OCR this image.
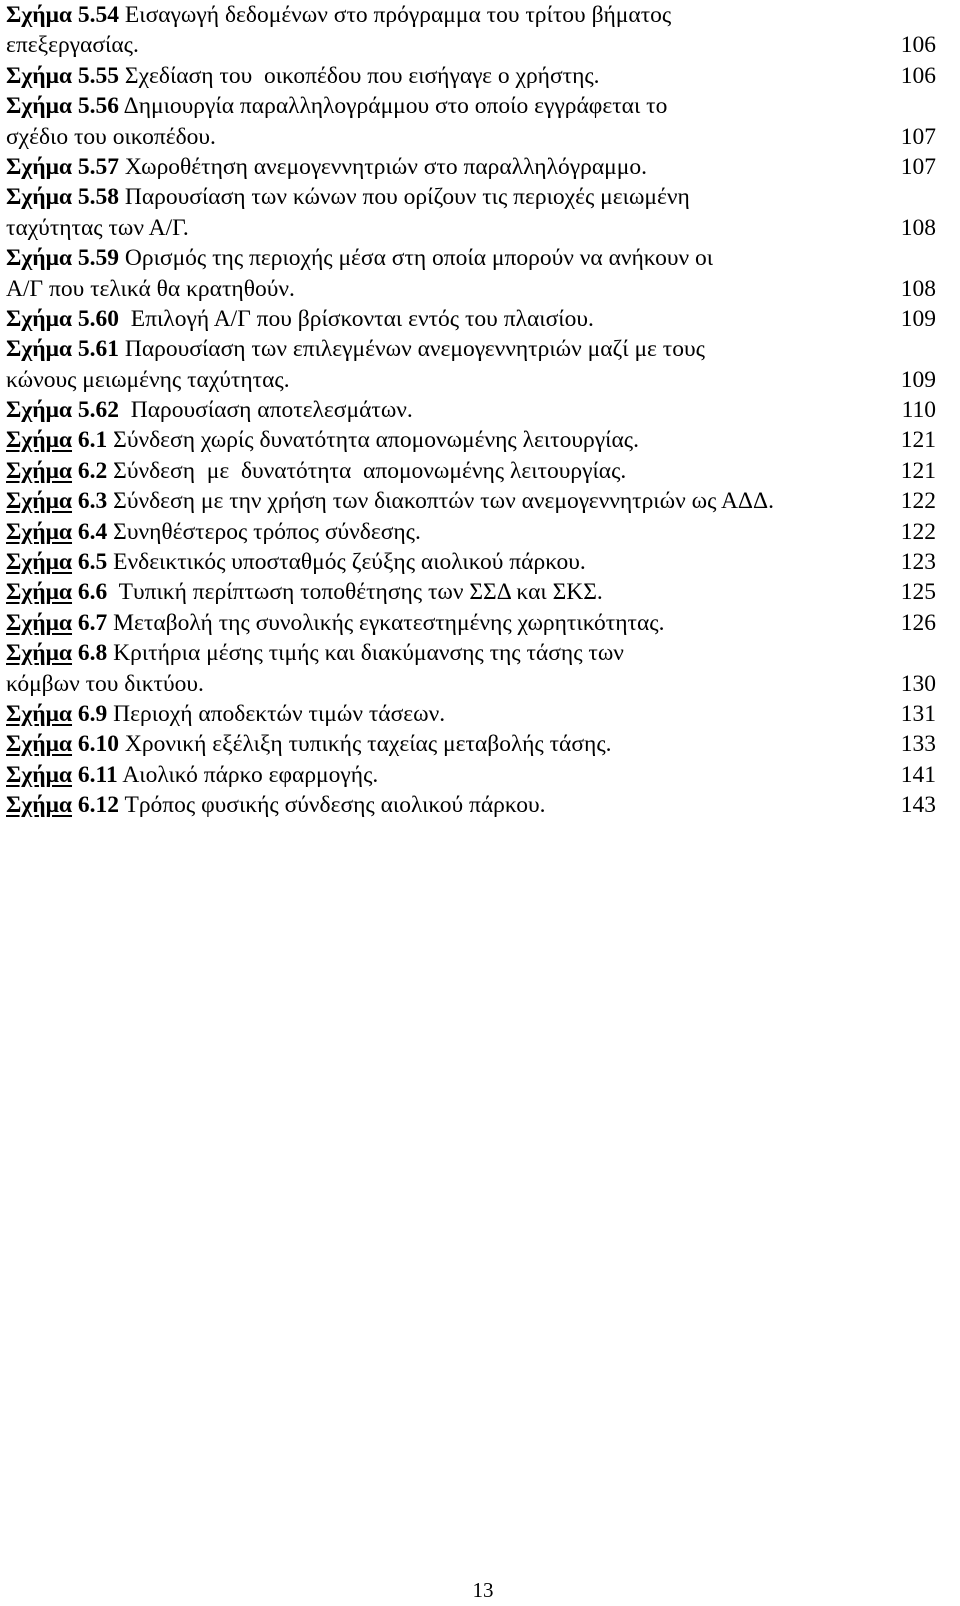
Σχήμα 5.54 Εισαγωγή δεδομένων στο πρόγραμμα του τρίτου βήματος
επεξεργασίας.	106
Σχήμα 5.55 Σχεδίαση του  οικοπέδου που εισήγαγε ο χρήστης.	106
Σχήμα 5.56 Δημιουργία παραλληλογράμμου στο οποίο εγγράφεται το
σχέδιο του οικοπέδου.	107
Σχήμα 5.57 Χωροθέτηση ανεμογεννητριών στο παραλληλόγραμμο.	107
Σχήμα 5.58 Παρουσίαση των κώνων που ορίζουν τις περιοχές μειωμένη
ταχύτητας των Α/Γ.	108
Σχήμα 5.59 Ορισμός της περιοχής μέσα στη οποία μπορούν να ανήκουν οι
Α/Γ που τελικά θα κρατηθούν.	108
Σχήμα 5.60  Επιλογή Α/Γ που βρίσκονται εντός του πλαισίου.	109
Σχήμα 5.61 Παρουσίαση των επιλεγμένων ανεμογεννητριών μαζί με τους
κώνους μειωμένης ταχύτητας.	109
Σχήμα 5.62  Παρουσίαση αποτελεσμάτων.	110
Σχήμα 6.1 Σύνδεση χωρίς δυνατότητα απομονωμένης λειτουργίας.	121
Σχήμα 6.2 Σύνδεση  με  δυνατότητα  απομονωμένης λειτουργίας.	121
Σχήμα 6.3 Σύνδεση με την χρήση των διακοπτών των ανεμογεννητριών ως ΑΔΔ.	122
Σχήμα 6.4 Συνηθέστερος τρόπος σύνδεσης.	122
Σχήμα 6.5 Ενδεικτικός υποσταθμός ζεύξης αιολικού πάρκου.	123
Σχήμα 6.6  Τυπική περίπτωση τοποθέτησης των ΣΣΔ και ΣΚΣ.	125
Σχήμα 6.7 Μεταβολή της συνολικής εγκατεστημένης χωρητικότητας.	126
Σχήμα 6.8 Κριτήρια μέσης τιμής και διακύμανσης της τάσης των
κόμβων του δικτύου.	130
Σχήμα 6.9 Περιοχή αποδεκτών τιμών τάσεων.	131
Σχήμα 6.10 Χρονική εξέλιξη τυπικής ταχείας μεταβολής τάσης.	133
Σχήμα 6.11 Αιολικό πάρκο εφαρμογής.	141
Σχήμα 6.12 Τρόπος φυσικής σύνδεσης αιολικού πάρκου.	143
13
